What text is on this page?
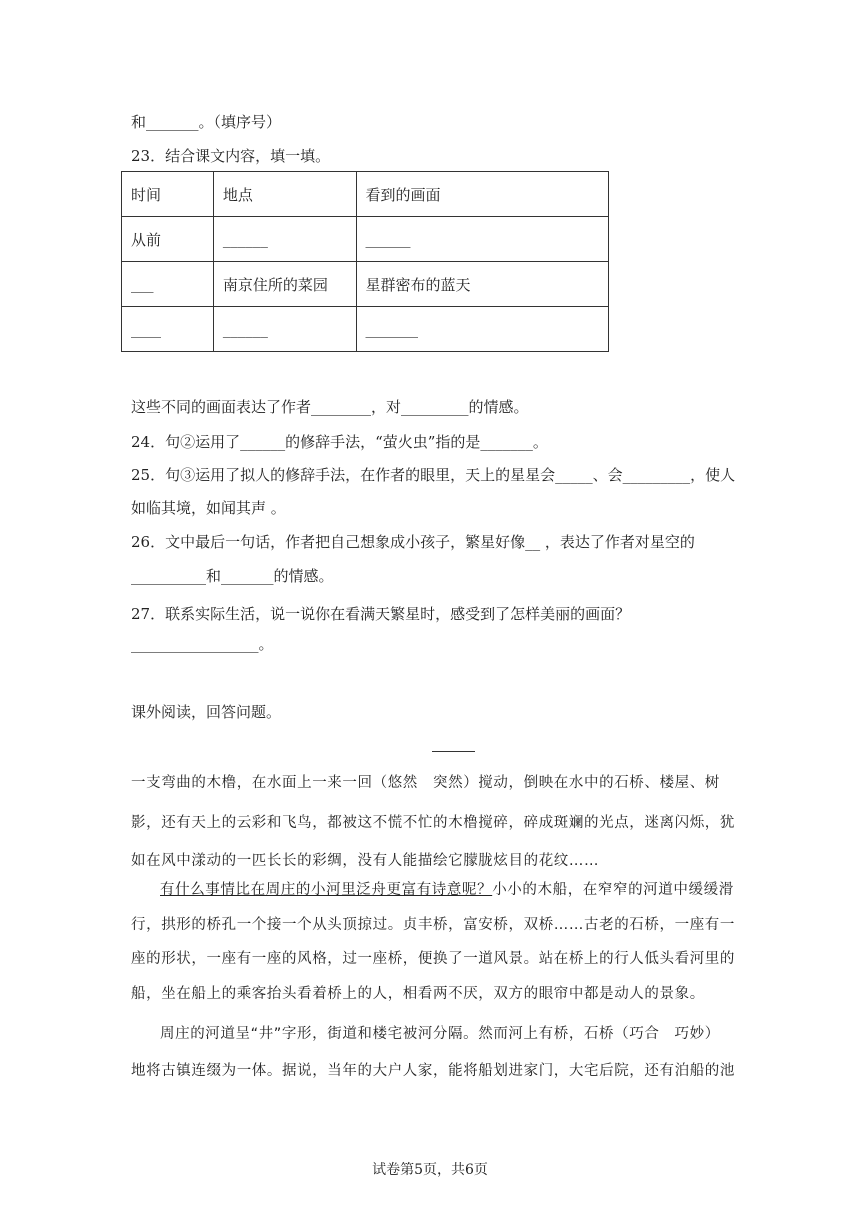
和_______。（填序号）
23．结合课文内容，填一填。
时间	地点	看到的画面
从前	______	______
___	南京住所的菜园	星群密布的蓝天
____	______	_______
这些不同的画面表达了作者________，对_________的情感。
24．句②运用了______的修辞手法，“萤火虫”指的是_______。
25．句③运用了拟人的修辞手法，在作者的眼里，天上的星星会_____、会_________，使人
如临其境，如闻其声 。
26．文中最后一句话，作者把自己想象成小孩子，繁星好像__ ，表达了作者对星空的
__________和_______的情感。
27．联系实际生活，说一说你在看满天繁星时，感受到了怎样美丽的画面？
_________________。
课外阅读，回答问题。
一支弯曲的木橹，在水面上一来一回（悠然　突然）搅动，倒映在水中的石桥、楼屋、树
影，还有天上的云彩和飞鸟，都被这不慌不忙的木橹搅碎，碎成斑斓的光点，迷离闪烁，犹
如在风中漾动的一匹长长的彩绸，没有人能描绘它朦胧炫目的花纹……
有什么事情比在周庄的小河里泛舟更富有诗意呢？小小的木船，在窄窄的河道中缓缓滑
行，拱形的桥孔一个接一个从头顶掠过。贞丰桥，富安桥，双桥……古老的石桥，一座有一
座的形状，一座有一座的风格，过一座桥，便换了一道风景。站在桥上的行人低头看河里的
船，坐在船上的乘客抬头看着桥上的人，相看两不厌，双方的眼帘中都是动人的景象。
周庄的河道呈“井”字形，街道和楼宅被河分隔。然而河上有桥，石桥（巧合　巧妙）
地将古镇连缀为一体。据说，当年的大户人家，能将船划进家门，大宅后院，还有泊船的池
试卷第5页，共6页
